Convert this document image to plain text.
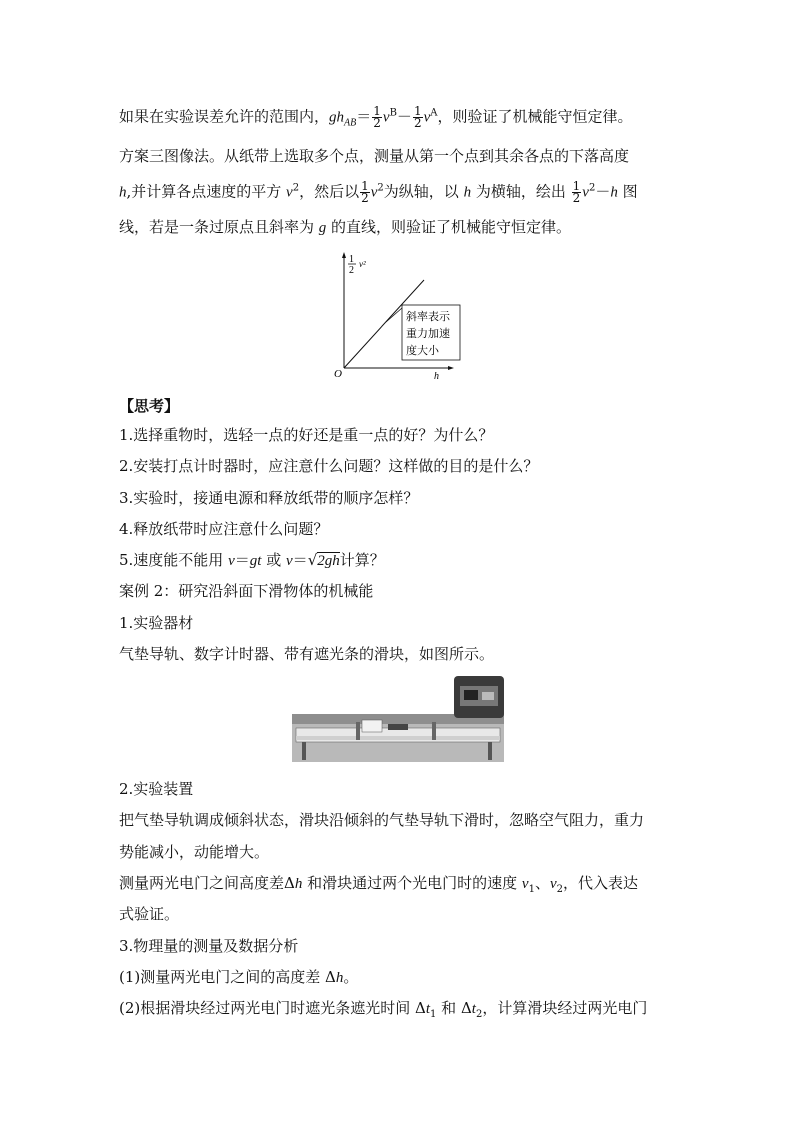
如果在实验误差允许的范围内，$gh_{AB}= \frac{1}{2} v^B- \frac{1}{2} v^A$，则验证了机械能守恒定律。
方案三图像法。从纸带上选取多个点，测量从第一个点到其余各点的下落高度
h,并计算各点速度的平方 $v^2$，然后以 $\frac{1}{2} v^2$为纵轴，以 h 为横轴，绘出 $\frac{1}{2} v^2-h$ 图
线，若是一条过原点且斜率为 g 的直线，则验证了机械能守恒定律。
1
2
v²
O	h
斜率表示
重力加速
度大小
【思考】
1.选择重物时，选轻一点的好还是重一点的好？为什么？
2.安装打点计时器时，应注意什么问题？这样做的目的是什么？
3.实验时，接通电源和释放纸带的顺序怎样？
4.释放纸带时应注意什么问题？
5.速度能不能用 v＝gt 或 v＝√2gh计算？
案例 2：研究沿斜面下滑物体的机械能
1.实验器材
气垫导轨、数字计时器、带有遮光条的滑块，如图所示。
2.实验装置
把气垫导轨调成倾斜状态，滑块沿倾斜的气垫导轨下滑时，忽略空气阻力，重力
势能减小，动能增大。
测量两光电门之间高度差Δh 和滑块通过两个光电门时的速度 $v_1$、$v_2$，代入表达
式验证。
3.物理量的测量及数据分析
(1)测量两光电门之间的高度差 Δh。
(2)根据滑块经过两光电门时遮光条遮光时间 $\Delta t_1$ 和 $\Delta t_2$，计算滑块经过两光电门
